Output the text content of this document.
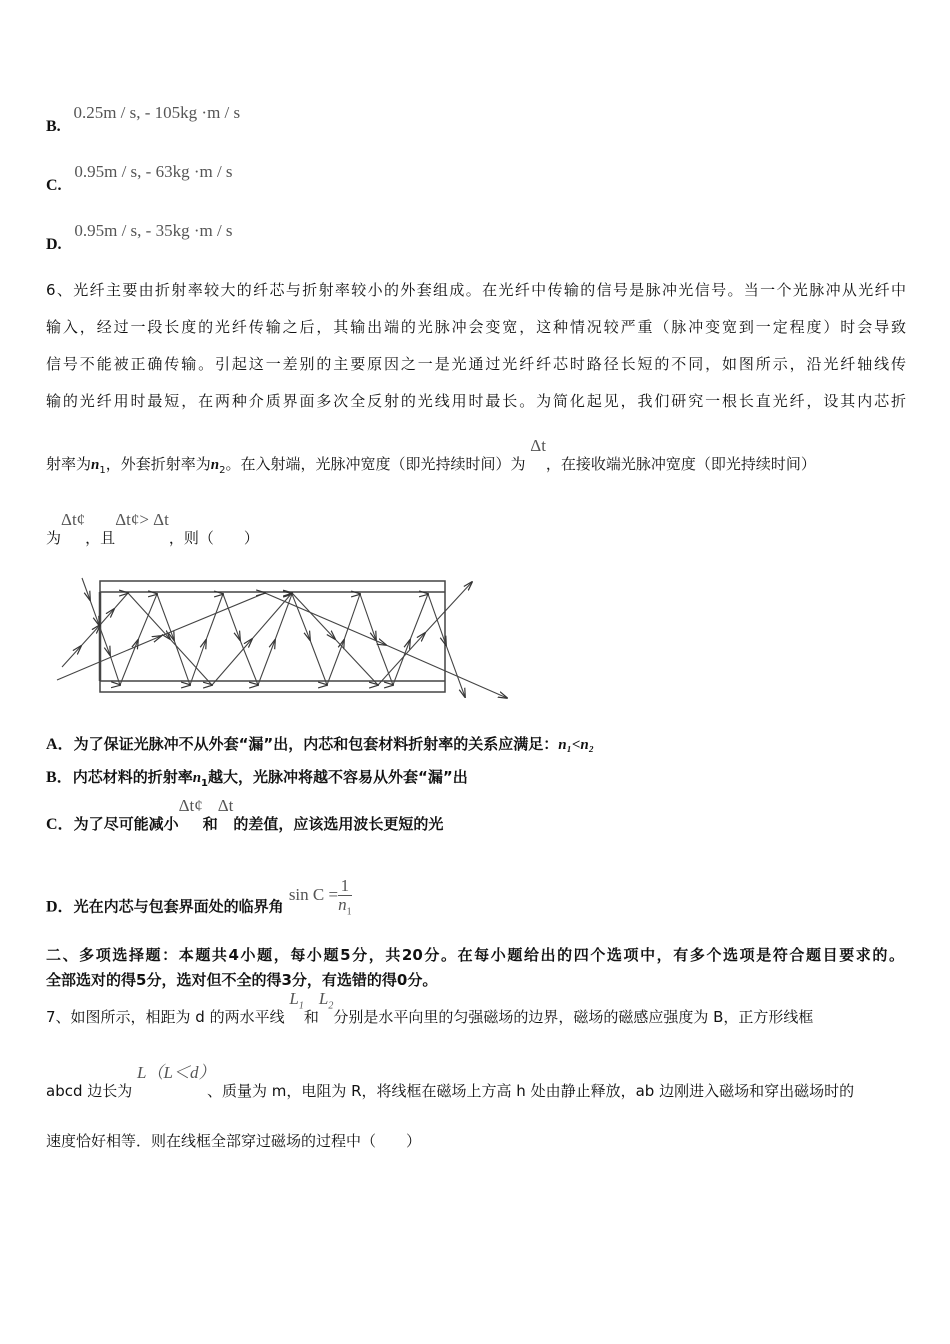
B. 0.25m / s, - 105kg ·m / s
C. 0.95m / s, - 63kg ·m / s
D. 0.95m / s, - 35kg ·m / s
6、光纤主要由折射率较大的纤芯与折射率较小的外套组成。在光纤中传输的信号是脉冲光信号。当一个光脉冲从光纤中
输入，经过一段长度的光纤传输之后，其输出端的光脉冲会变宽，这种情况较严重（脉冲变宽到一定程度）时会导致
信号不能被正确传输。引起这一差别的主要原因之一是光通过光纤纤芯时路径长短的不同，如图所示，沿光纤轴线传
输的光纤用时最短，在两种介质界面多次全反射的光线用时最长。为简化起见，我们研究一根长直光纤，设其内芯折
射率为$n_1$，外套折射率为$n_2$。在入射端，光脉冲宽度（即光持续时间）为 Δt，在接收端光脉冲宽度（即光持续时间）
为Δt¢，且Δt¢> Δt，则（　　）
A．为了保证光脉冲不从外套“漏”出，内芯和包套材料折射率的关系应满足：n₁<n₂
B．内芯材料的折射率$n_1$越大，光脉冲将越不容易从外套“漏”出
C．为了尽可能减小Δt¢和Δt的差值，应该选用波长更短的光
D．光在内芯与包套界面处的临界角 $\sin C = \frac{1}{n_1}$
二、多项选择题：本题共4小题，每小题5分，共20分。在每小题给出的四个选项中，有多个选项是符合题目要求的。
全部选对的得5分，选对但不全的得3分，有选错的得0分。
7、如图所示，相距为 d 的两水平线 $L_1$和$L_2$分别是水平向里的匀强磁场的边界，磁场的磁感应强度为 B，正方形线框
abcd 边长为 L（L＜d）、质量为 m，电阻为 R，将线框在磁场上方高 h 处由静止释放，ab 边刚进入磁场和穿出磁场时的
速度恰好相等．则在线框全部穿过磁场的过程中（　　）
